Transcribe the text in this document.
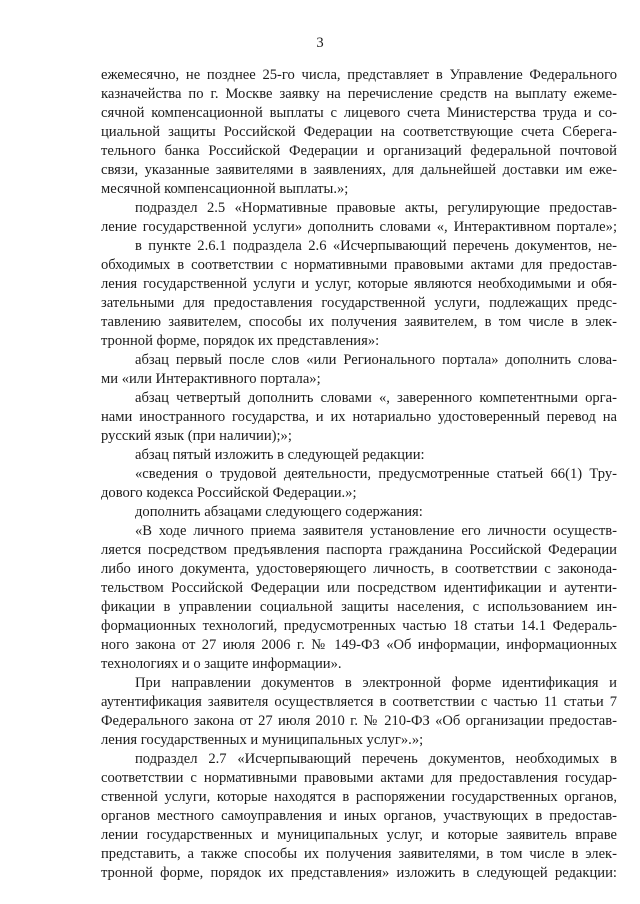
3
ежемесячно, не позднее 25-го числа, представляет в Управление Федерального
казначейства по г. Москве заявку на перечисление средств на выплату ежеме-
сячной компенсационной выплаты с лицевого счета Министерства труда и со-
циальной защиты Российской Федерации на соответствующие счета Сберега-
тельного банка Российской Федерации и организаций федеральной почтовой
связи, указанные заявителями в заявлениях, для дальнейшей доставки им ежe-
месячной компенсационной выплаты.»;
подраздел 2.5 «Нормативные правовые акты, регулирующие предостав-
ление государственной услуги» дополнить словами «, Интерактивном портале»;
в пункте 2.6.1 подраздела 2.6 «Исчерпывающий перечень документов, не-
обходимых в соответствии с нормативными правовыми актами для предостав-
ления государственной услуги и услуг, которые являются необходимыми и обя-
зательными для предоставления государственной услуги, подлежащих предс-
тавлению заявителем, способы их получения заявителем, в том числе в элек-
тронной форме, порядок их представления»:
абзац первый после слов «или Регионального портала» дополнить слова-
ми «или Интерактивного портала»;
абзац четвертый дополнить словами «, заверенного компетентными орга-
нами иностранного государства, и их нотариально удостоверенный перевод на
русский язык (при наличии);»;
абзац пятый изложить в следующей редакции:
«сведения о трудовой деятельности, предусмотренные статьей 66(1) Тру-
дового кодекса Российской Федерации.»;
дополнить абзацами следующего содержания:
«В ходе личного приема заявителя установление его личности осуществ-
ляется посредством предъявления паспорта гражданина Российской Федерации
либо иного документа, удостоверяющего личность, в соответствии с законода-
тельством Российской Федерации или посредством идентификации и аутенти-
фикации в управлении социальной защиты населения, с использованием ин-
формационных технологий, предусмотренных частью 18 статьи 14.1 Федераль-
ного закона от 27 июля 2006 г. № 149-ФЗ «Об информации, информационных
технологиях и о защите информации».
При направлении документов в электронной форме идентификация и
аутентификация заявителя осуществляется в соответствии с частью 11 статьи 7
Федерального закона от 27 июля 2010 г. № 210-ФЗ «Об организации предостав-
ления государственных и муниципальных услуг».»;
подраздел 2.7 «Исчерпывающий перечень документов, необходимых в
соответствии с нормативными правовыми актами для предоставления государ-
ственной услуги, которые находятся в распоряжении государственных органов,
органов местного самоуправления и иных органов, участвующих в предостав-
лении государственных и муниципальных услуг, и которые заявитель вправе
представить, а также способы их получения заявителями, в том числе в элек-
тронной форме, порядок их представления» изложить в следующей редакции:
